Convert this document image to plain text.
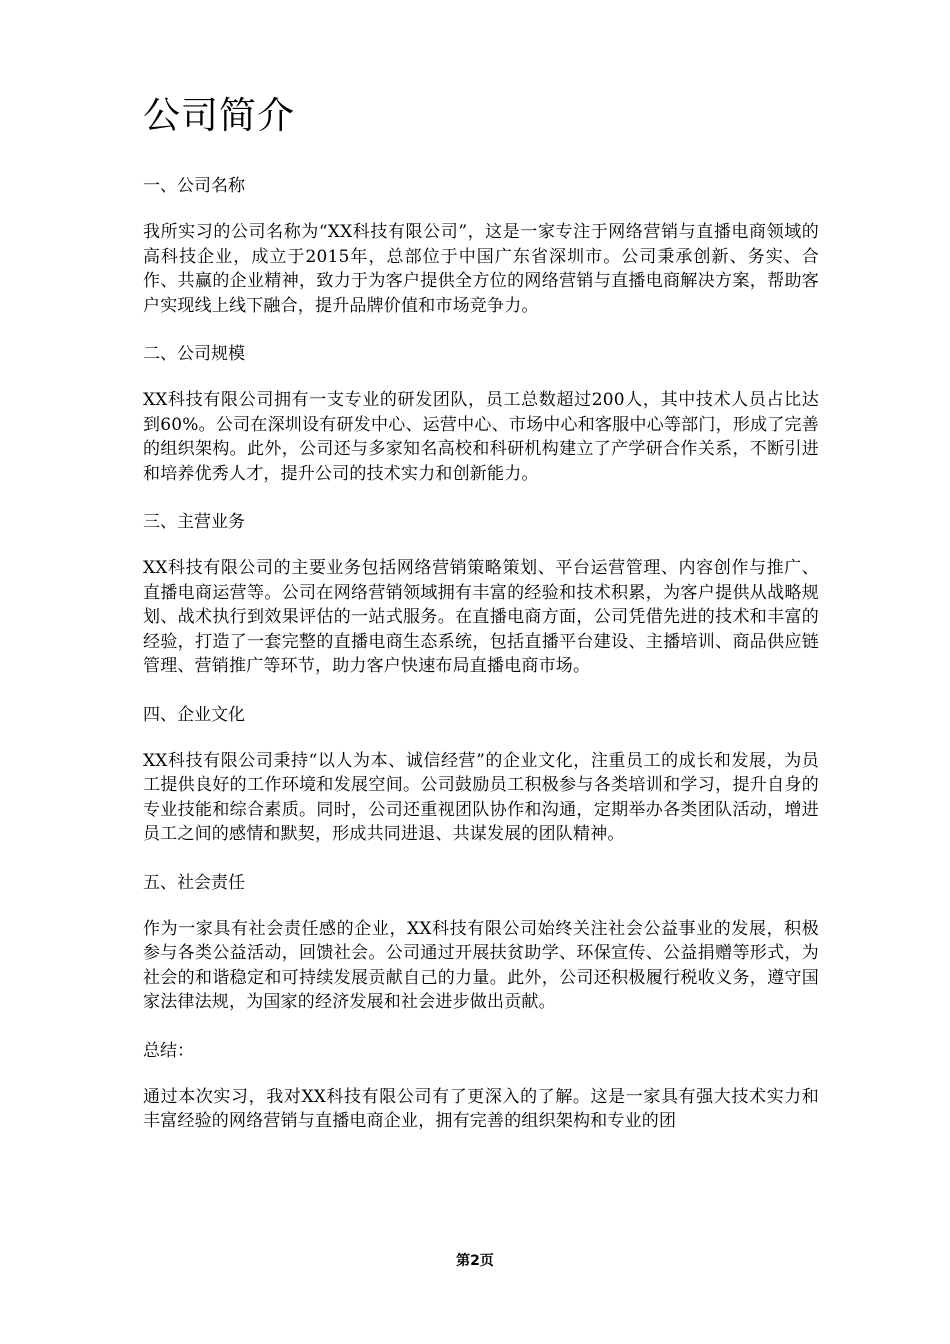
公司简介
一、公司名称

我所实习的公司名称为“XX科技有限公司”，这是一家专注于网络营销与直播电商领域的高科技企业，成立于2015年，总部位于中国广东省深圳市。公司秉承创新、务实、合作、共赢的企业精神，致力于为客户提供全方位的网络营销与直播电商解决方案，帮助客户实现线上线下融合，提升品牌价值和市场竞争力。

二、公司规模

XX科技有限公司拥有一支专业的研发团队，员工总数超过200人，其中技术人员占比达到60%。公司在深圳设有研发中心、运营中心、市场中心和客服中心等部门，形成了完善的组织架构。此外，公司还与多家知名高校和科研机构建立了产学研合作关系，不断引进和培养优秀人才，提升公司的技术实力和创新能力。

三、主营业务

XX科技有限公司的主要业务包括网络营销策略策划、平台运营管理、内容创作与推广、直播电商运营等。公司在网络营销领域拥有丰富的经验和技术积累，为客户提供从战略规划、战术执行到效果评估的一站式服务。在直播电商方面，公司凭借先进的技术和丰富的经验，打造了一套完整的直播电商生态系统，包括直播平台建设、主播培训、商品供应链管理、营销推广等环节，助力客户快速布局直播电商市场。

四、企业文化

XX科技有限公司秉持“以人为本、诚信经营”的企业文化，注重员工的成长和发展，为员工提供良好的工作环境和发展空间。公司鼓励员工积极参与各类培训和学习，提升自身的专业技能和综合素质。同时，公司还重视团队协作和沟通，定期举办各类团队活动，增进员工之间的感情和默契，形成共同进退、共谋发展的团队精神。

五、社会责任

作为一家具有社会责任感的企业，XX科技有限公司始终关注社会公益事业的发展，积极参与各类公益活动，回馈社会。公司通过开展扶贫助学、环保宣传、公益捐赠等形式，为社会的和谐稳定和可持续发展贡献自己的力量。此外，公司还积极履行税收义务，遵守国家法律法规，为国家的经济发展和社会进步做出贡献。

总结：

通过本次实习，我对XX科技有限公司有了更深入的了解。这是一家具有强大技术实力和丰富经验的网络营销与直播电商企业，拥有完善的组织架构和专业的团

第2页
